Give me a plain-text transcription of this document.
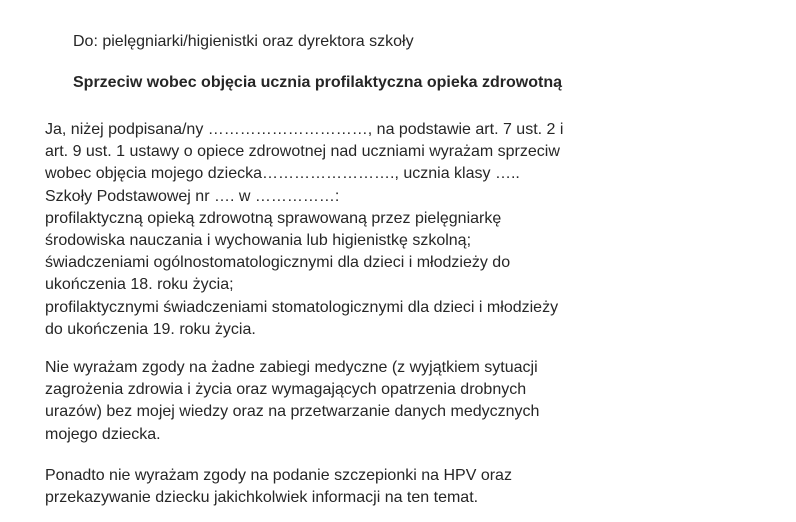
Do: pielęgniarki/higienistki oraz dyrektora szkoły
Sprzeciw wobec objęcia ucznia profilaktyczna opieka zdrowotną
Ja, niżej podpisana/ny …………………………, na podstawie art. 7 ust. 2 i
art. 9 ust. 1 ustawy o opiece zdrowotnej nad uczniami wyrażam sprzeciw
wobec objęcia mojego dziecka……………………., ucznia klasy …..
Szkoły Podstawowej nr …. w ……………:
profilaktyczną opieką zdrowotną sprawowaną przez pielęgniarkę
środowiska nauczania i wychowania lub higienistkę szkolną;
świadczeniami ogólnostomatologicznymi dla dzieci i młodzieży do
ukończenia 18. roku życia;
profilaktycznymi świadczeniami stomatologicznymi dla dzieci i młodzieży
do ukończenia 19. roku życia.
Nie wyrażam zgody na żadne zabiegi medyczne (z wyjątkiem sytuacji
zagrożenia zdrowia i życia oraz wymagających opatrzenia drobnych
urazów) bez mojej wiedzy oraz na przetwarzanie danych medycznych
mojego dziecka.
Ponadto nie wyrażam zgody na podanie szczepionki na HPV oraz
przekazywanie dziecku jakichkolwiek informacji na ten temat.
